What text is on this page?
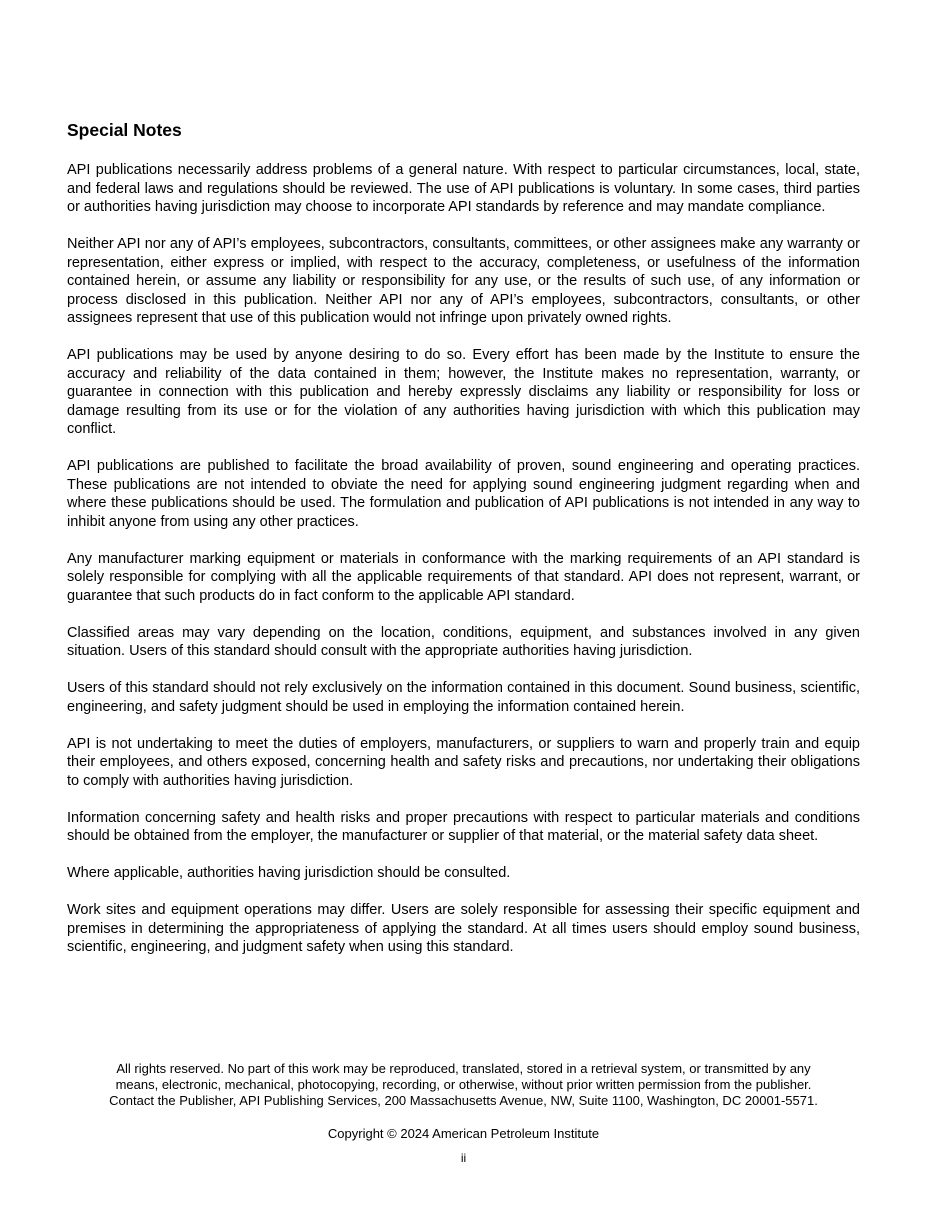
Special Notes

API publications necessarily address problems of a general nature. With respect to particular circumstances, local, state, and federal laws and regulations should be reviewed. The use of API publications is voluntary. In some cases, third parties or authorities having jurisdiction may choose to incorporate API standards by reference and may mandate compliance.

Neither API nor any of API’s employees, subcontractors, consultants, committees, or other assignees make any warranty or representation, either express or implied, with respect to the accuracy, completeness, or usefulness of the information contained herein, or assume any liability or responsibility for any use, or the results of such use, of any information or process disclosed in this publication. Neither API nor any of API’s employees, subcontractors, consultants, or other assignees represent that use of this publication would not infringe upon privately owned rights.

API publications may be used by anyone desiring to do so. Every effort has been made by the Institute to ensure the accuracy and reliability of the data contained in them; however, the Institute makes no representation, warranty, or guarantee in connection with this publication and hereby expressly disclaims any liability or responsibility for loss or damage resulting from its use or for the violation of any authorities having jurisdiction with which this publication may conflict.

API publications are published to facilitate the broad availability of proven, sound engineering and operating practices. These publications are not intended to obviate the need for applying sound engineering judgment regarding when and where these publications should be used. The formulation and publication of API publications is not intended in any way to inhibit anyone from using any other practices.

Any manufacturer marking equipment or materials in conformance with the marking requirements of an API standard is solely responsible for complying with all the applicable requirements of that standard. API does not represent, warrant, or guarantee that such products do in fact conform to the applicable API standard.

Classified areas may vary depending on the location, conditions, equipment, and substances involved in any given situation. Users of this standard should consult with the appropriate authorities having jurisdiction.

Users of this standard should not rely exclusively on the information contained in this document. Sound business, scientific, engineering, and safety judgment should be used in employing the information contained herein.

API is not undertaking to meet the duties of employers, manufacturers, or suppliers to warn and properly train and equip their employees, and others exposed, concerning health and safety risks and precautions, nor undertaking their obligations to comply with authorities having jurisdiction.

Information concerning safety and health risks and proper precautions with respect to particular materials and conditions should be obtained from the employer, the manufacturer or supplier of that material, or the material safety data sheet.

Where applicable, authorities having jurisdiction should be consulted.

Work sites and equipment operations may differ. Users are solely responsible for assessing their specific equipment and premises in determining the appropriateness of applying the standard. At all times users should employ sound business, scientific, engineering, and judgment safety when using this standard.

All rights reserved. No part of this work may be reproduced, translated, stored in a retrieval system, or transmitted by any
means, electronic, mechanical, photocopying, recording, or otherwise, without prior written permission from the publisher.
Contact the Publisher, API Publishing Services, 200 Massachusetts Avenue, NW, Suite 1100, Washington, DC 20001-5571.
Copyright © 2024 American Petroleum Institute
ii
